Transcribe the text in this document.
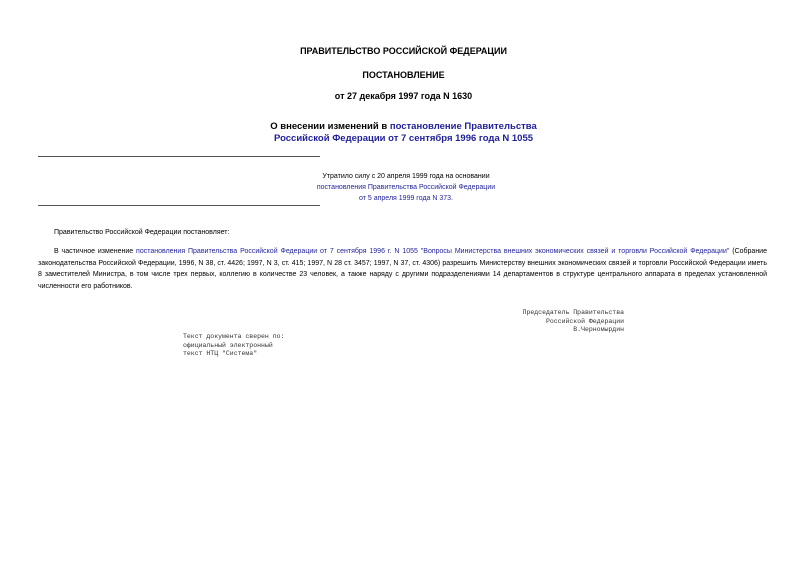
ПРАВИТЕЛЬСТВО РОССИЙСКОЙ ФЕДЕРАЦИИ
ПОСТАНОВЛЕНИЕ
от 27 декабря 1997 года N 1630
О внесении изменений в постановление Правительства
Российской Федерации от 7 сентября 1996 года N 1055
Утратило силу с 20 апреля 1999 года на основании
постановления Правительства Российской Федерации
от 5 апреля 1999 года N 373.
Правительство Российской Федерации постановляет:
В частичное изменение постановления Правительства Российской Федерации от 7 сентября 1996 г. N 1055 "Вопросы Министерства внешних экономических связей и торговли Российской Федерации" (Собрание законодательства Российской Федерации, 1996, N 38, ст. 4426; 1997, N 3, ст. 415; 1997, N 28 ст. 3457; 1997, N 37, ст. 4306) разрешить Министерству внешних экономических связей и торговли Российской Федерации иметь 8 заместителей Министра, в том числе трех первых, коллегию в количестве 23 человек, а также наряду с другими подразделениями 14 департаментов в структуре центрального аппарата в пределах установленной численности его работников.
Председатель Правительства
Российской Федерации
В.Черномырдин
Текст документа сверен по:
официальный электронный
текст НТЦ "Система"
